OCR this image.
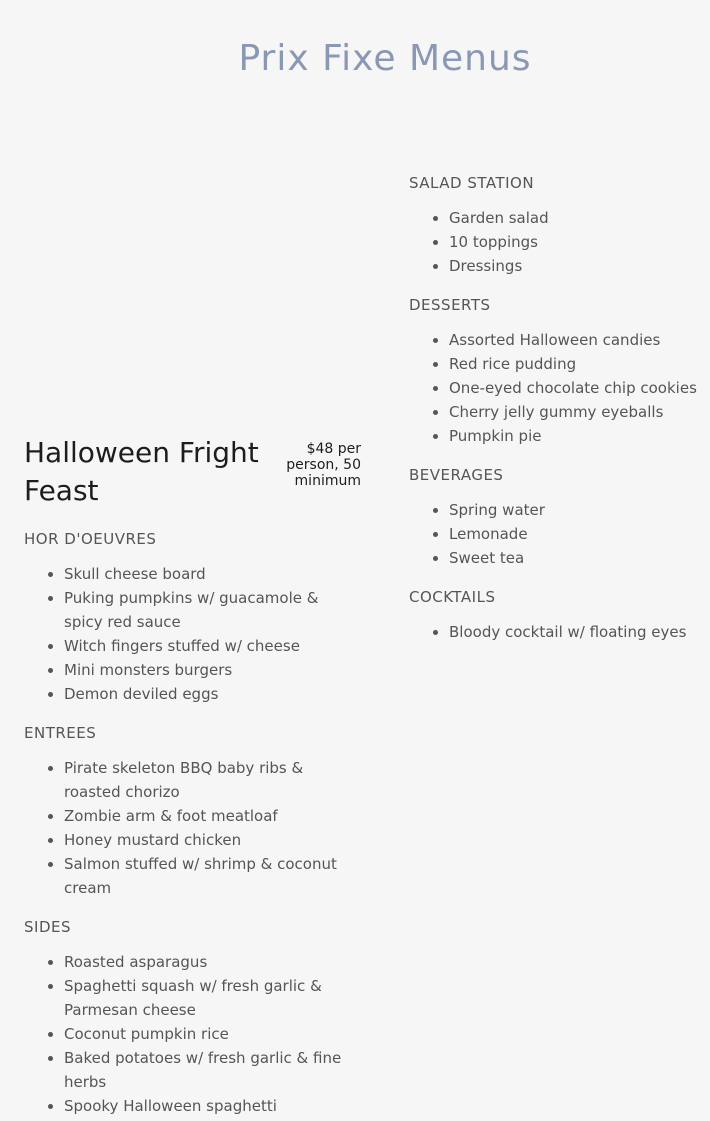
Prix Fixe Menus
Halloween Fright Feast
$48 per person, 50 minimum
HOR D'OEUVRES
• Skull cheese board
• Puking pumpkins w/ guacamole & spicy red sauce
• Witch fingers stuffed w/ cheese
• Mini monsters burgers
• Demon deviled eggs
ENTREES
• Pirate skeleton BBQ baby ribs & roasted chorizo
• Zombie arm & foot meatloaf
• Honey mustard chicken
• Salmon stuffed w/ shrimp & coconut cream
SIDES
• Roasted asparagus
• Spaghetti squash w/ fresh garlic & Parmesan cheese
• Coconut pumpkin rice
• Baked potatoes w/ fresh garlic & fine herbs
• Spooky Halloween spaghetti
SALAD STATION
• Garden salad
• 10 toppings
• Dressings
DESSERTS
• Assorted Halloween candies
• Red rice pudding
• One-eyed chocolate chip cookies
• Cherry jelly gummy eyeballs
• Pumpkin pie
BEVERAGES
• Spring water
• Lemonade
• Sweet tea
COCKTAILS
• Bloody cocktail w/ floating eyes
